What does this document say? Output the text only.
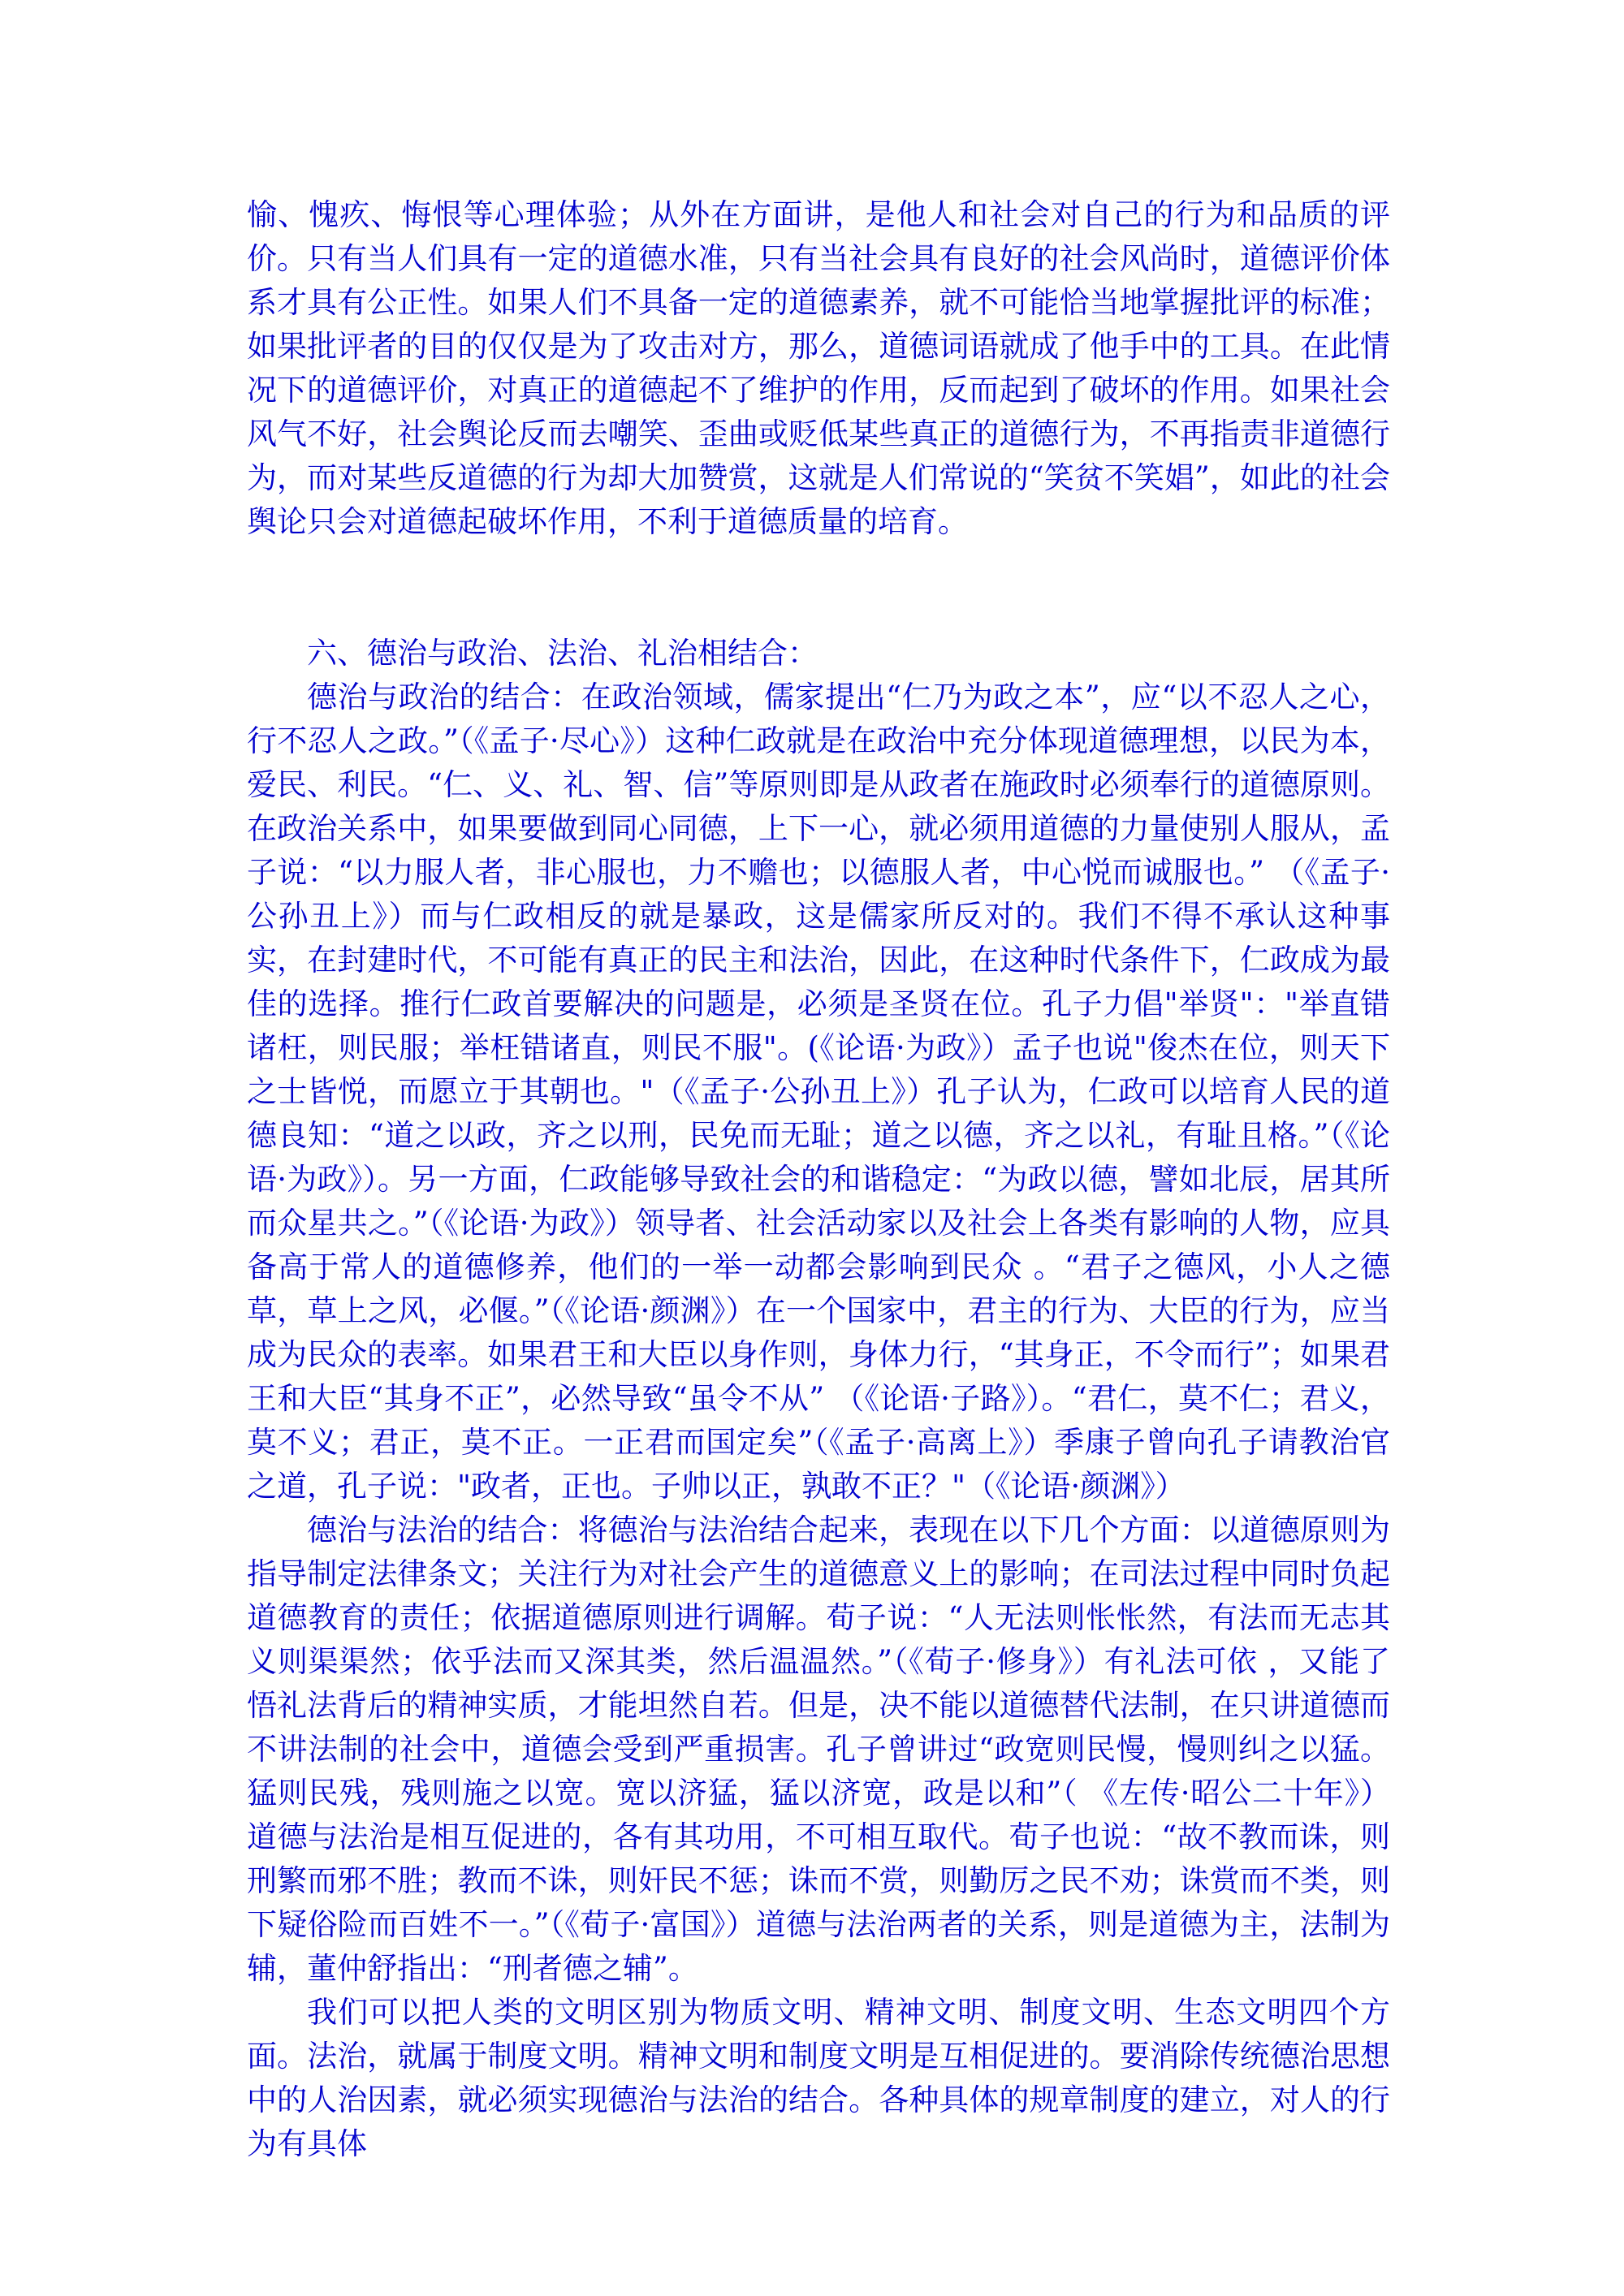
愉、愧疚、悔恨等心理体验；从外在方面讲，是他人和社会对自己的行为和品质的评价。只有当人们具有一定的道德水准，只有当社会具有良好的社会风尚时，道德评价体系才具有公正性。如果人们不具备一定的道德素养，就不可能恰当地掌握批评的标准；如果批评者的目的仅仅是为了攻击对方，那么，道德词语就成了他手中的工具。在此情况下的道德评价，对真正的道德起不了维护的作用，反而起到了破坏的作用。如果社会风气不好，社会舆论反而去嘲笑、歪曲或贬低某些真正的道德行为，不再指责非道德行为，而对某些反道德的行为却大加赞赏，这就是人们常说的“笑贫不笑娼”，如此的社会舆论只会对道德起破坏作用，不利于道德质量的培育。

六、德治与政治、法治、礼治相结合：

德治与政治的结合：在政治领域，儒家提出“仁乃为政之本”，应“以不忍人之心，行不忍人之政。”（《孟子·尽心》）这种仁政就是在政治中充分体现道德理想，以民为本，爱民、利民。“仁、义、礼、智、信”等原则即是从政者在施政时必须奉行的道德原则。在政治关系中，如果要做到同心同德，上下一心，就必须用道德的力量使别人服从，孟子说：“以力服人者，非心服也，力不赡也；以德服人者，中心悦而诚服也。” （《孟子·公孙丑上》）而与仁政相反的就是暴政，这是儒家所反对的。我们不得不承认这种事实，在封建时代，不可能有真正的民主和法治，因此，在这种时代条件下，仁政成为最佳的选择。推行仁政首要解决的问题是，必须是圣贤在位。孔子力倡"举贤"："举直错诸枉，则民服；举枉错诸直，则民不服"。(《论语·为政》）孟子也说"俊杰在位，则天下之士皆悦，而愿立于其朝也。"（《孟子·公孙丑上》）孔子认为，仁政可以培育人民的道德良知：“道之以政，齐之以刑，民免而无耻；道之以德，齐之以礼，有耻且格。”（《论语·为政》）。另一方面，仁政能够导致社会的和谐稳定：“为政以德，譬如北辰，居其所而众星共之。”（《论语·为政》）领导者、社会活动家以及社会上各类有影响的人物，应具备高于常人的道德修养，他们的一举一动都会影响到民众 。“君子之德风，小人之德草，草上之风，必偃。”（《论语·颜渊》）在一个国家中，君主的行为、大臣的行为，应当成为民众的表率。如果君王和大臣以身作则，身体力行，“其身正，不令而行”；如果君王和大臣“其身不正”，必然导致“虽令不从” （《论语·子路》）。“君仁，莫不仁；君义，莫不义；君正，莫不正。一正君而国定矣”（《孟子·高离上》）季康子曾向孔子请教治官之道，孔子说："政者，正也。子帅以正，孰敢不正？"（《论语·颜渊》）

德治与法治的结合：将德治与法治结合起来，表现在以下几个方面：以道德原则为指导制定法律条文；关注行为对社会产生的道德意义上的影响；在司法过程中同时负起道德教育的责任；依据道德原则进行调解。荀子说：“人无法则怅怅然，有法而无志其义则渠渠然；依乎法而又深其类，然后温温然。”（《荀子·修身》）有礼法可依 ，又能了悟礼法背后的精神实质，才能坦然自若。但是，决不能以道德替代法制，在只讲道德而不讲法制的社会中，道德会受到严重损害。孔子曾讲过“政宽则民慢，慢则纠之以猛。猛则民残，残则施之以宽。宽以济猛，猛以济宽，政是以和”（ 《左传·昭公二十年》）道德与法治是相互促进的，各有其功用，不可相互取代。荀子也说：“故不教而诛，则刑繁而邪不胜；教而不诛，则奸民不惩；诛而不赏，则勤厉之民不劝；诛赏而不类，则下疑俗险而百姓不一。”（《荀子·富国》）道德与法治两者的关系，则是道德为主，法制为辅，董仲舒指出：“刑者德之辅”。

我们可以把人类的文明区别为物质文明、精神文明、制度文明、生态文明四个方面。法治，就属于制度文明。精神文明和制度文明是互相促进的。要消除传统德治思想中的人治因素，就必须实现德治与法治的结合。各种具体的规章制度的建立，对人的行为有具体
